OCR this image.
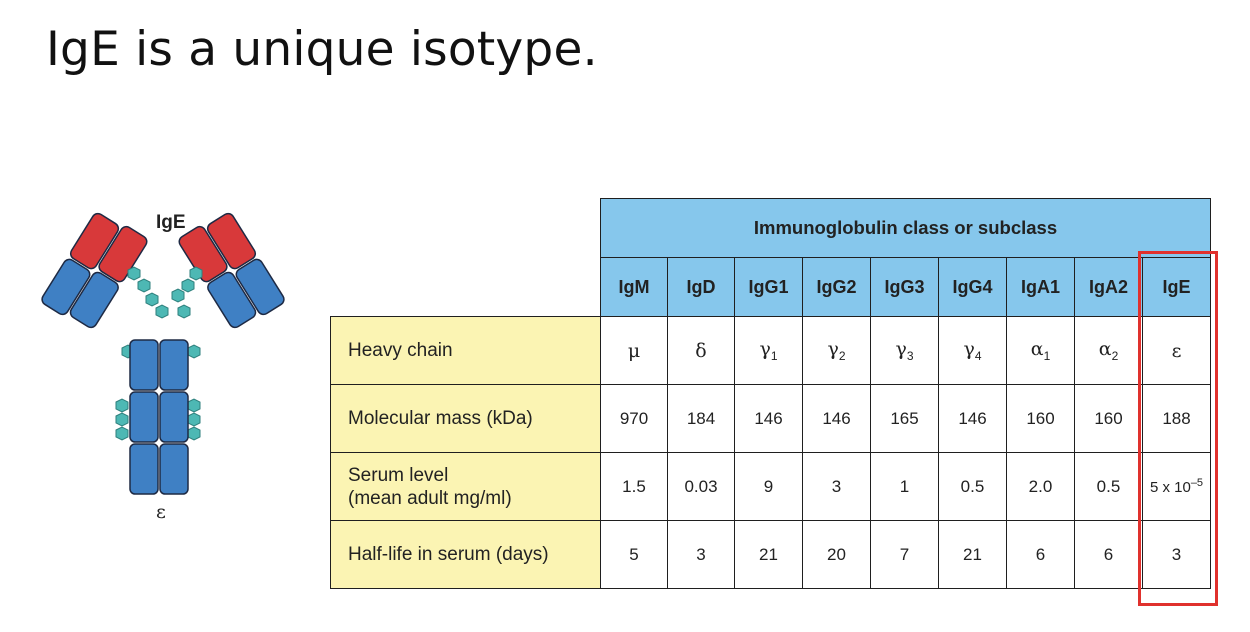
IgE is a unique isotype.
IgE
ε
	Immunoglobulin class or subclass								
	IgM	IgD	IgG1	IgG2	IgG3	IgG4	IgA1	IgA2	IgE
Heavy chain	μ	δ	$\gamma_1$	$\gamma_2$	$\gamma_3$	$\gamma_4$	$\alpha_1$	$\alpha_2$	ε
Molecular mass (kDa)	970	184	146	146	165	146	160	160	188

Serum level
(mean adult mg/ml)	1.5	0.03	9	3	1	0.5	2.0	0.5	5 x $10^{-5}$
Half-life in serum (days)	5	3	21	20	7	21	6	6	3
